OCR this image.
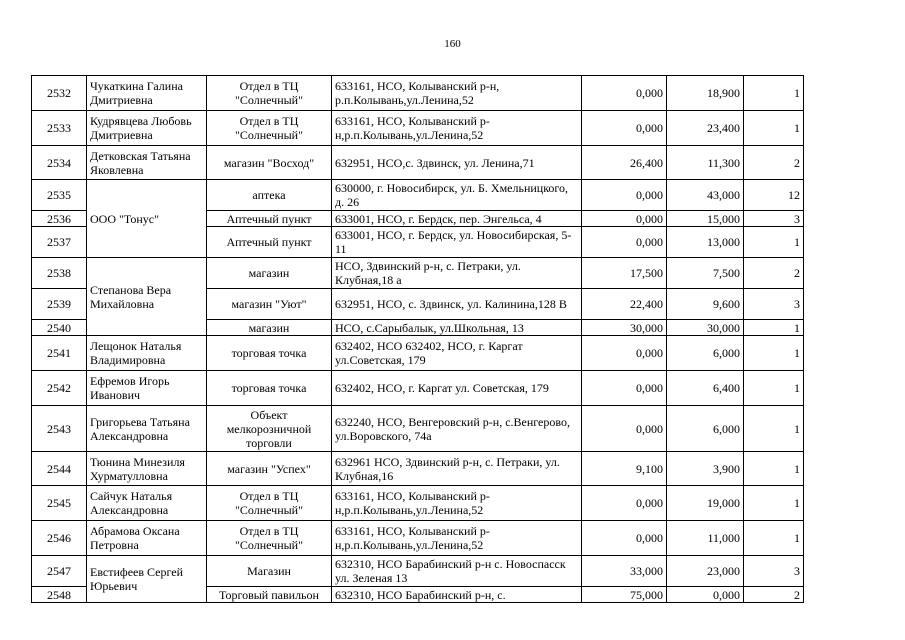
160
2532	Чукаткина Галина Дмитриевна	Отдел в ТЦ "Солнечный"	633161, НСО, Колыванский р-н, р.п.Колывань,ул.Ленина,52	0,000	18,900	1
2533	Кудрявцева Любовь Дмитриевна	Отдел в ТЦ "Солнечный"	633161, НСО, Колыванский р-н,р.п.Колывань,ул.Ленина,52	0,000	23,400	1
2534	Детковская Татьяна Яковлевна	магазин "Восход"	632951, НСО,с. Здвинск, ул. Ленина,71	26,400	11,300	2
2535	ООО "Тонус"	аптека	630000, г. Новосибирск, ул. Б. Хмельницкого, д. 26	0,000	43,000	12
2536		Аптечный пункт	633001, НСО, г. Бердск, пер. Энгельса, 4	0,000	15,000	3
2537		Аптечный пункт	633001, НСО, г. Бердск, ул. Новосибирская, 5-11	0,000	13,000	1
2538	Степанова Вера Михайловна	магазин	НСО, Здвинский р-н, с. Петраки, ул. Клубная,18 а	17,500	7,500	2
2539		магазин "Уют"	632951, НСО, с. Здвинск, ул. Калинина,128 В	22,400	9,600	3
2540		магазин	НСО, с.Сарыбалык, ул.Школьная, 13	30,000	30,000	1
2541	Лещонок Наталья Владимировна	торговая точка	632402, НСО 632402, НСО, г. Каргат ул.Советская, 179	0,000	6,000	1
2542	Ефремов Игорь Иванович	торговая точка	632402, НСО, г. Каргат ул. Советская, 179	0,000	6,400	1
2543	Григорьева Татьяна Александровна	Объект мелкорозничной торговли	632240, НСО, Венгеровский р-н, с.Венгерово, ул.Воровского, 74а	0,000	6,000	1
2544	Тюнина Минезиля Хурматулловна	магазин "Успех"	632961 НСО, Здвинский р-н, с. Петраки, ул. Клубная,16	9,100	3,900	1
2545	Сайчук Наталья Александровна	Отдел в ТЦ "Солнечный"	633161, НСО, Колыванский р-н,р.п.Колывань,ул.Ленина,52	0,000	19,000	1
2546	Абрамова Оксана Петровна	Отдел в ТЦ "Солнечный"	633161, НСО, Колыванский р-н,р.п.Колывань,ул.Ленина,52	0,000	11,000	1
2547	Евстифеев Сергей Юрьевич	Магазин	632310, НСО Барабинский р-н с. Новоспасск ул. Зеленая 13	33,000	23,000	3
2548		Торговый павильон	632310, НСО Барабинский р-н, с.	75,000	0,000	2
